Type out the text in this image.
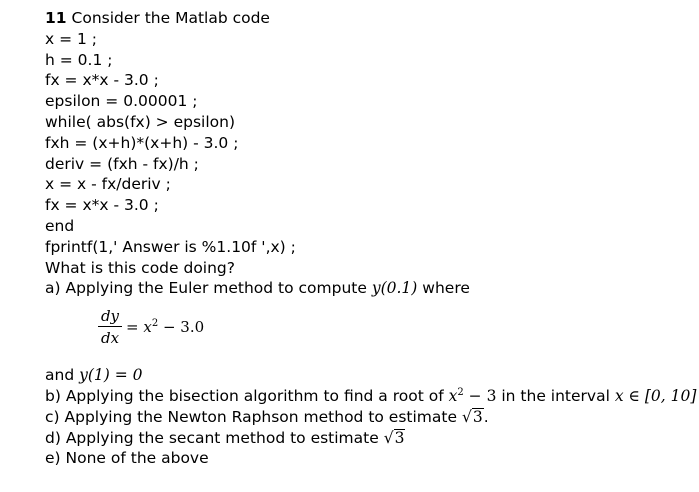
11 Consider the Matlab code
x = 1 ;
h = 0.1 ;
fx = x*x - 3.0 ;
epsilon = 0.00001 ;
while( abs(fx) > epsilon)
fxh = (x+h)*(x+h) - 3.0 ;
deriv = (fxh - fx)/h ;
x = x - fx/deriv ;
fx = x*x - 3.0 ;
end
fprintf(1,' Answer is %1.10f ',x) ;
What is this code doing?
a) Applying the Euler method to compute y(0.1) where
dy
dx
= $x^2 - 3.0$
and y(1) = 0
b) Applying the bisection algorithm to find a root of $x^2 - 3$ in the interval x ∈ [0, 10]
c) Applying the Newton Raphson method to estimate √3.
d) Applying the secant method to estimate √3
e) None of the above
